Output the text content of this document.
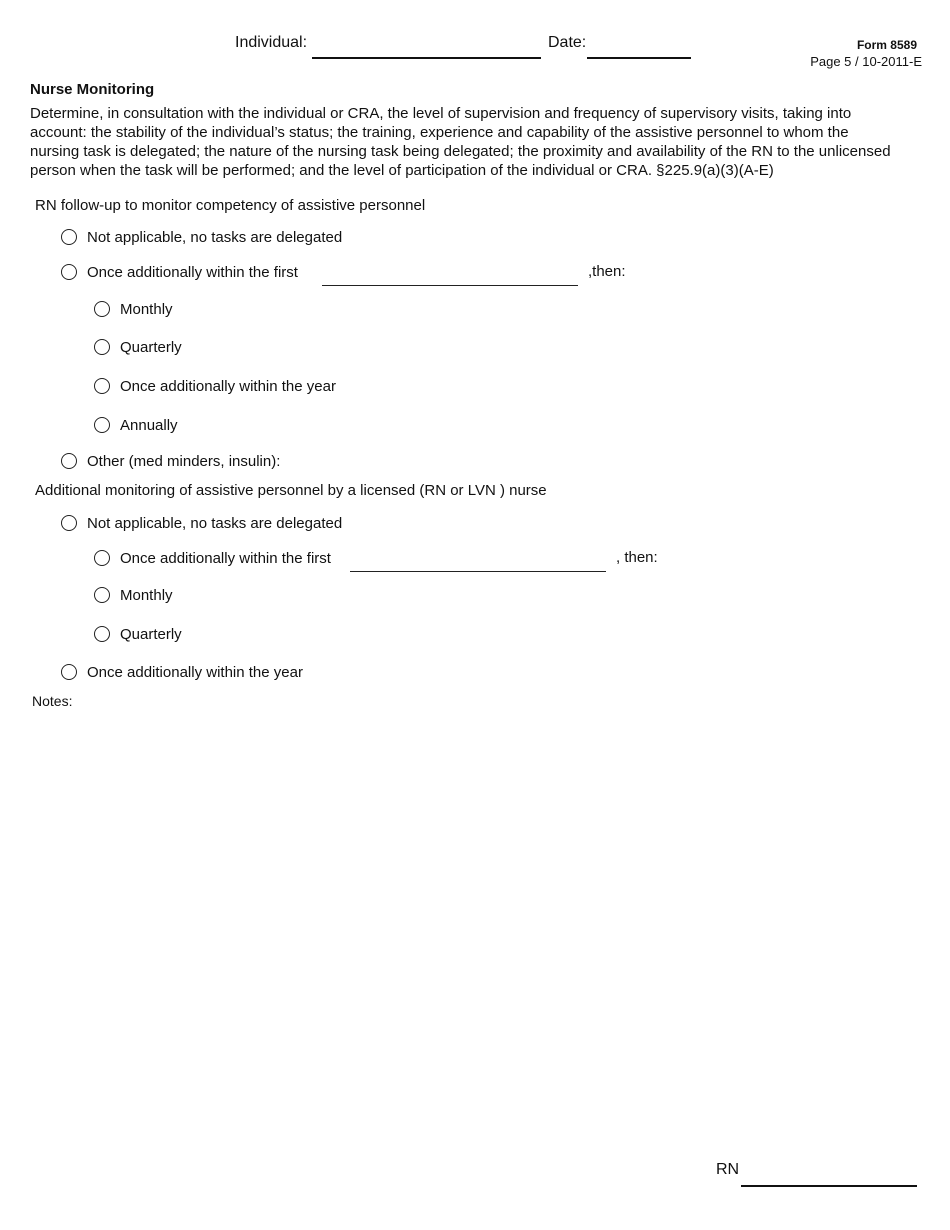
Individual:	Date:	Form 8589
Page 5 / 10-2011-E
Nurse Monitoring
Determine, in consultation with the individual or CRA, the level of supervision and frequency of supervisory visits, taking into account: the stability of the individual’s status; the training, experience and capability of the assistive personnel to whom the nursing task is delegated; the nature of the nursing task being delegated; the proximity and availability of the RN to the unlicensed person when the task will be performed; and the level of participation of the individual or CRA. §225.9(a)(3)(A-E)
RN follow-up to monitor competency of assistive personnel
Not applicable, no tasks are delegated
Once additionally within the first	,then:
Monthly
Quarterly
Once additionally within the year
Annually
Other (med minders, insulin):
Additional monitoring of assistive personnel by a licensed (RN or LVN ) nurse
Not applicable, no tasks are delegated
Once additionally within the first	, then:
Monthly
Quarterly
Once additionally within the year
Notes:
RN
